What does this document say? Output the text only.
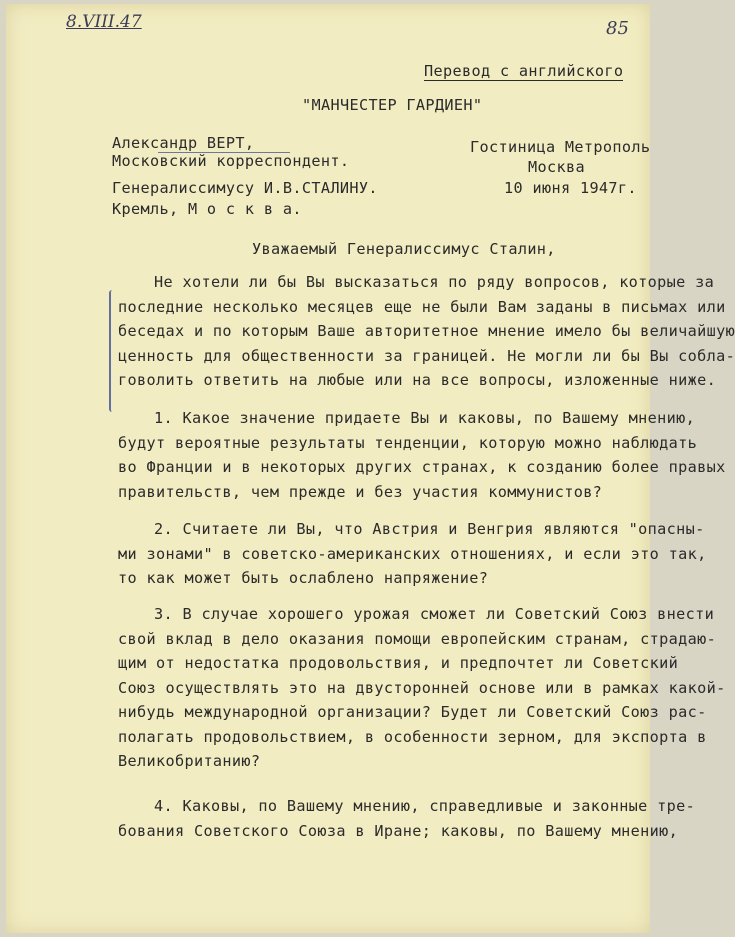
8.VIII.47	85
Перевод с английского
"МАНЧЕСТЕР ГАРДИЕН"
Александр ВЕРТ,
Московский корреспондент.
Гостиница Метрополь
Москва
10 июня 1947г.
Генералиссимусу И.В.СТАЛИНУ.
Кремль, М о с к в а.
Уважаемый Генералиссимус Сталин,
Не хотели ли бы Вы высказаться по ряду вопросов, которые за
последние несколько месяцев еще не были Вам заданы в письмах или
беседах и по которым Ваше авторитетное мнение имело бы величайшую
ценность для общественности за границей. Не могли ли бы Вы собла-
говолить ответить на любые или на все вопросы, изложенные ниже.
1. Какое значение придаете Вы и каковы, по Вашему мнению,
будут вероятные результаты тенденции, которую можно наблюдать
во Франции и в некоторых других странах, к созданию более правых
правительств, чем прежде и без участия коммунистов?
2. Считаете ли Вы, что Австрия и Венгрия являются "опасны-
ми зонами" в советско-американских отношениях, и если это так,
то как может быть ослаблено напряжение?
3. В случае хорошего урожая сможет ли Советский Союз внести
свой вклад в дело оказания помощи европейским странам, страдаю-
щим от недостатка продовольствия, и предпочтет ли Советский
Союз осуществлять это на двусторонней основе или в рамках какой-
нибудь международной организации? Будет ли Советский Союз рас-
полагать продовольствием, в особенности зерном, для экспорта в
Великобританию?
4. Каковы, по Вашему мнению, справедливые и законные тре-
бования Советского Союза в Иране; каковы, по Вашему мнению,
